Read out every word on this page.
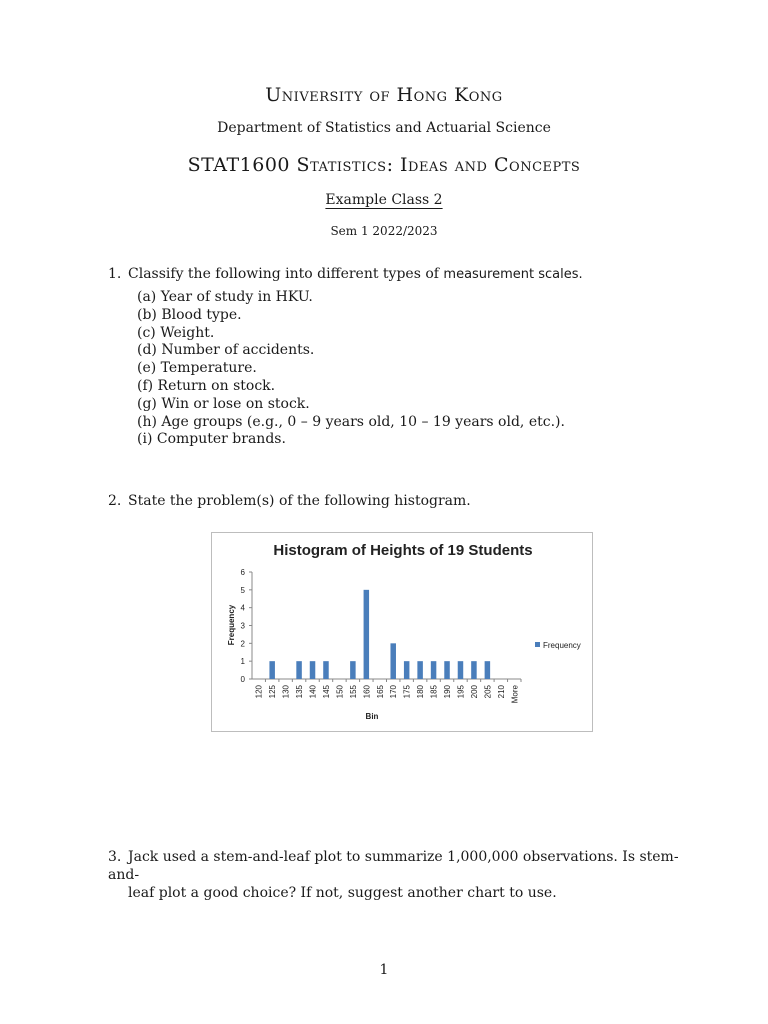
University of Hong Kong
Department of Statistics and Actuarial Science
STAT1600 Statistics: Ideas and Concepts
Example Class 2
Sem 1 2022/2023
1. Classify the following into different types of measurement scales.
(a) Year of study in HKU.
(b) Blood type.
(c) Weight.
(d) Number of accidents.
(e) Temperature.
(f) Return on stock.
(g) Win or lose on stock.
(h) Age groups (e.g., 0 – 9 years old, 10 – 19 years old, etc.).
(i) Computer brands.
2. State the problem(s) of the following histogram.
Histogram of Heights of 19 Students
Bin
Frequency
Frequency
0
1
2
3
4
5
6
120 125 130 135 140 145 150 155 160 165 170 175 180 185 190 195 200 205 210 More
3. Jack used a stem-and-leaf plot to summarize 1,000,000 observations. Is stem-and-
leaf plot a good choice? If not, suggest another chart to use.
1
